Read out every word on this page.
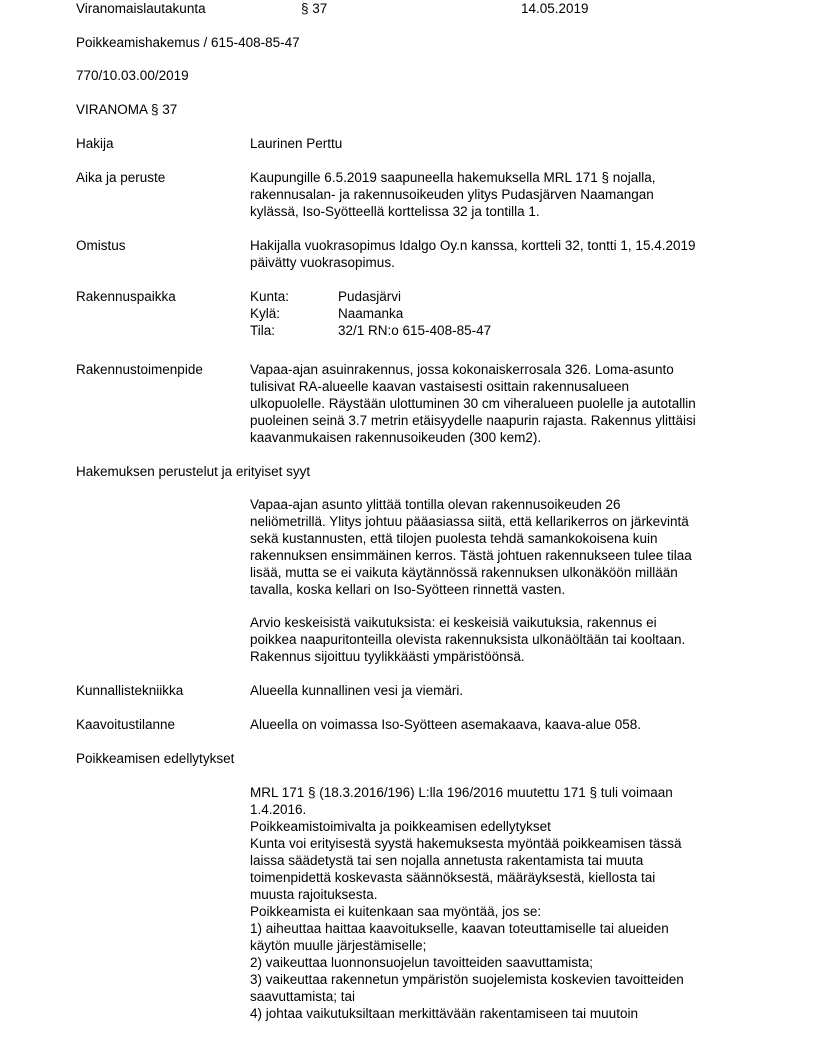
Viranomaislautakunta	§ 37	14.05.2019
Poikkeamishakemus / 615-408-85-47
770/10.03.00/2019
VIRANOMA § 37
Hakija	Laurinen Perttu
Aika ja peruste	Kaupungille 6.5.2019 saapuneella hakemuksella MRL 171 § nojalla,
rakennusalan- ja rakennusoikeuden ylitys Pudasjärven Naamangan
kylässä, Iso-Syötteellä korttelissa 32 ja tontilla 1.
Omistus	Hakijalla vuokrasopimus Idalgo Oy.n kanssa, kortteli 32, tontti 1, 15.4.2019
päivätty vuokrasopimus.
Rakennuspaikka	Kunta:	Pudasjärvi
Kylä:	Naamanka
Tila:	32/1 RN:o 615-408-85-47
Rakennustoimenpide	Vapaa-ajan asuinrakennus, jossa kokonaiskerrosala 326. Loma-asunto
tulisivat RA-alueelle kaavan vastaisesti osittain rakennusalueen
ulkopuolelle. Räystään ulottuminen 30 cm viheralueen puolelle ja autotallin
puoleinen seinä 3.7 metrin etäisyydelle naapurin rajasta. Rakennus ylittäisi
kaavanmukaisen rakennusoikeuden (300 kem2).
Hakemuksen perustelut ja erityiset syyt
Vapaa-ajan asunto ylittää tontilla olevan rakennusoikeuden 26
neliömetrillä. Ylitys johtuu pääasiassa siitä, että kellarikerros on järkevintä
sekä kustannusten, että tilojen puolesta tehdä samankokoisena kuin
rakennuksen ensimmäinen kerros. Tästä johtuen rakennukseen tulee tilaa
lisää, mutta se ei vaikuta käytännössä rakennuksen ulkonäköön millään
tavalla, koska kellari on Iso-Syötteen rinnettä vasten.
Arvio keskeisistä vaikutuksista: ei keskeisiä vaikutuksia, rakennus ei
poikkea naapuritonteilla olevista rakennuksista ulkonäöltään tai kooltaan.
Rakennus sijoittuu tyylikkäästi ympäristöönsä.
Kunnallistekniikka	Alueella kunnallinen vesi ja viemäri.
Kaavoitustilanne	Alueella on voimassa Iso-Syötteen asemakaava, kaava-alue 058.
Poikkeamisen edellytykset
MRL 171 § (18.3.2016/196) L:lla 196/2016 muutettu 171 § tuli voimaan
1.4.2016.
Poikkeamistoimivalta ja poikkeamisen edellytykset
Kunta voi erityisestä syystä hakemuksesta myöntää poikkeamisen tässä
laissa säädetystä tai sen nojalla annetusta rakentamista tai muuta
toimenpidettä koskevasta säännöksestä, määräyksestä, kiellosta tai
muusta rajoituksesta.
Poikkeamista ei kuitenkaan saa myöntää, jos se:
1) aiheuttaa haittaa kaavoitukselle, kaavan toteuttamiselle tai alueiden
käytön muulle järjestämiselle;
2) vaikeuttaa luonnonsuojelun tavoitteiden saavuttamista;
3) vaikeuttaa rakennetun ympäristön suojelemista koskevien tavoitteiden
saavuttamista; tai
4) johtaa vaikutuksiltaan merkittävään rakentamiseen tai muutoin
